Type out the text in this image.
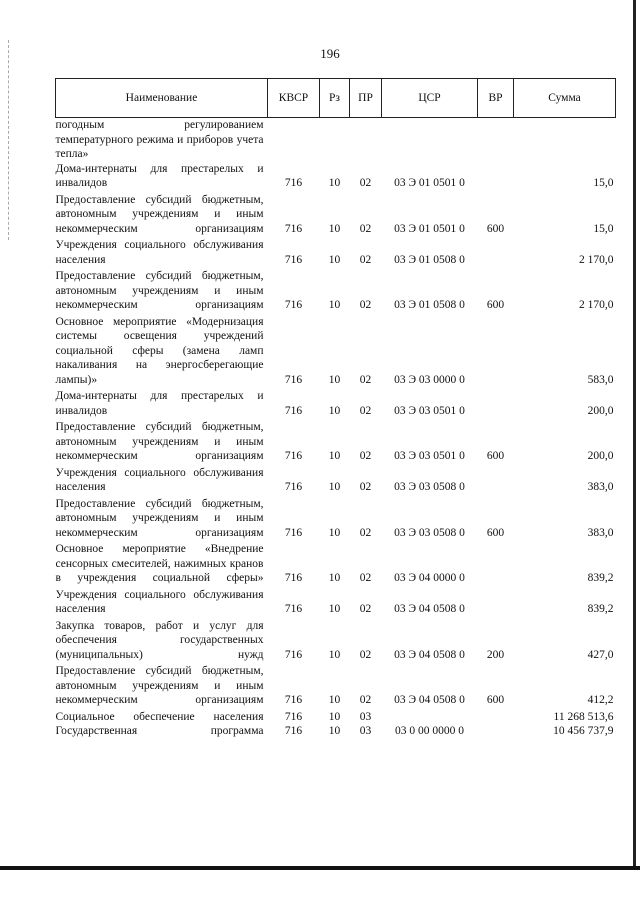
196
Наименование	КВСР	Рз	ПР	ЦСР	ВР	Сумма
погодным регулированием температурного режима и приборов учета тепла»						
Дома-интернаты для престарелых и инвалидов	716	10	02	03 Э 01 0501 0		15,0
Предоставление субсидий бюджетным, автономным учреждениям и иным некоммерческим организациям	716	10	02	03 Э 01 0501 0	600	15,0
Учреждения социального обслуживания населения	716	10	02	03 Э 01 0508 0		2 170,0
Предоставление субсидий бюджетным, автономным учреждениям и иным некоммерческим организациям	716	10	02	03 Э 01 0508 0	600	2 170,0
Основное мероприятие «Модернизация системы освещения учреждений социальной сферы (замена ламп накаливания на энергосберегающие лампы)»	716	10	02	03 Э 03 0000 0		583,0
Дома-интернаты для престарелых и инвалидов	716	10	02	03 Э 03 0501 0		200,0
Предоставление субсидий бюджетным, автономным учреждениям и иным некоммерческим организациям	716	10	02	03 Э 03 0501 0	600	200,0
Учреждения социального обслуживания населения	716	10	02	03 Э 03 0508 0		383,0
Предоставление субсидий бюджетным, автономным учреждениям и иным некоммерческим организациям	716	10	02	03 Э 03 0508 0	600	383,0
Основное мероприятие «Внедрение сенсорных смесителей, нажимных кранов в учреждения социальной сферы»	716	10	02	03 Э 04 0000 0		839,2
Учреждения социального обслуживания населения	716	10	02	03 Э 04 0508 0		839,2
Закупка товаров, работ и услуг для обеспечения государственных (муниципальных) нужд	716	10	02	03 Э 04 0508 0	200	427,0
Предоставление субсидий бюджетным, автономным учреждениям и иным некоммерческим организациям	716	10	02	03 Э 04 0508 0	600	412,2
Социальное обеспечение населения	716	10	03			11 268 513,6
Государственная программа	716	10	03	03 0 00 0000 0		10 456 737,9
